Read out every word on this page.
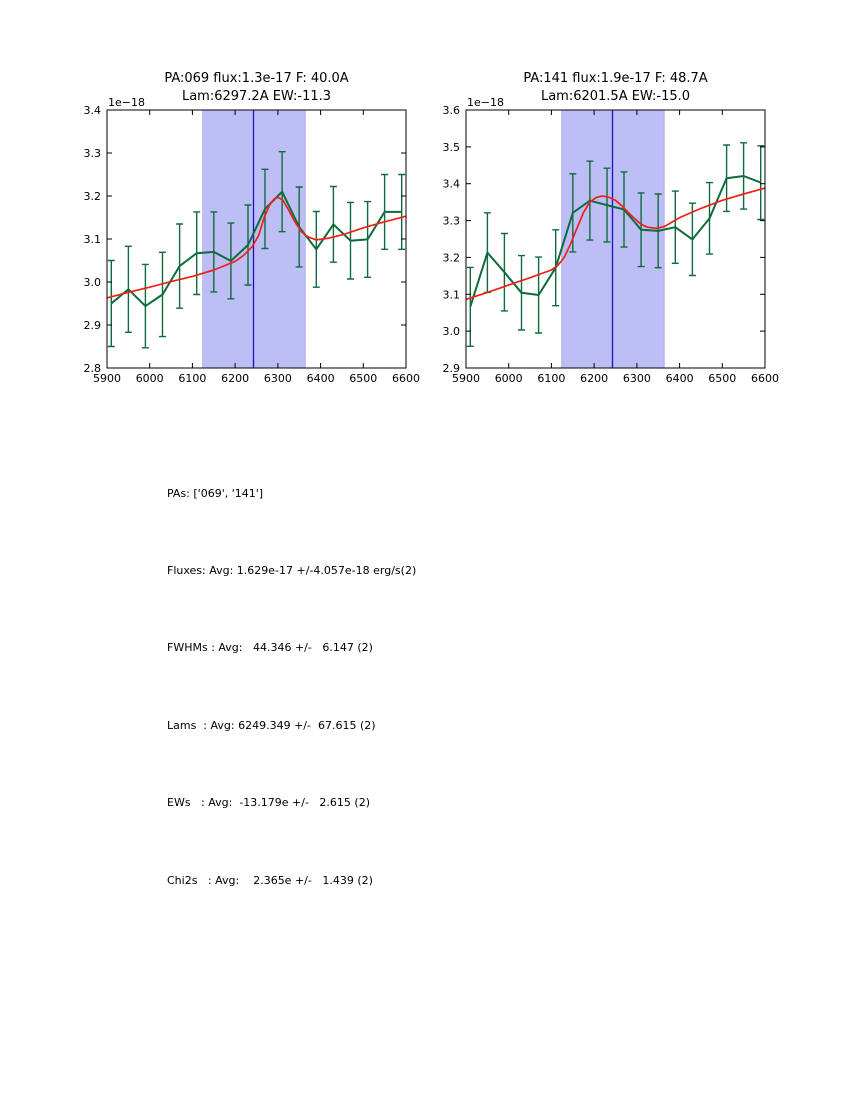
PA:069 flux:1.3e-17 F: 40.0A
Lam:6297.2A EW:-11.3
1e−18
5900 6000 6100 6200 6300 6400 6500 6600
2.8
2.9
3.0
3.1
3.2
3.3
3.4
PA:141 flux:1.9e-17 F: 48.7A
Lam:6201.5A EW:-15.0
1e−18
5900 6000 6100 6200 6300 6400 6500 6600
2.9
3.0
3.1
3.2
3.3
3.4
3.5
3.6

PAs: ['069', '141']

Fluxes: Avg: 1.629e-17 +/-4.057e-18 erg/s(2)

FWHMs : Avg:   44.346 +/-   6.147 (2)

Lams  : Avg: 6249.349 +/-  67.615 (2)

EWs   : Avg:  -13.179e +/-   2.615 (2)

Chi2s   : Avg:    2.365e +/-   1.439 (2)
